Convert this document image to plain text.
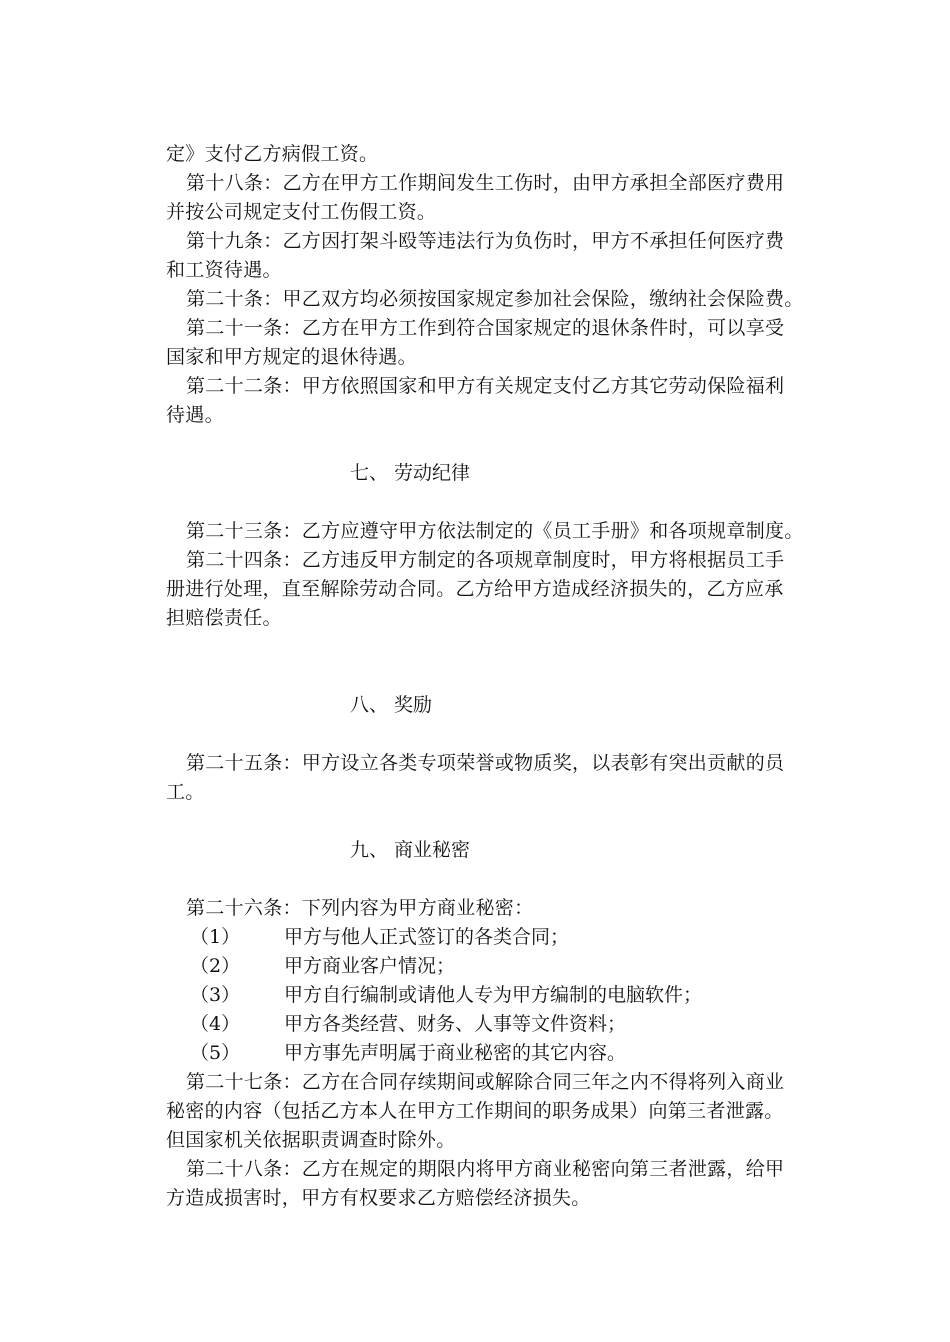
定》支付乙方病假工资。
第十八条：乙方在甲方工作期间发生工伤时，由甲方承担全部医疗费用
并按公司规定支付工伤假工资。
第十九条：乙方因打架斗殴等违法行为负伤时，甲方不承担任何医疗费
和工资待遇。
第二十条：甲乙双方均必须按国家规定参加社会保险，缴纳社会保险费。
第二十一条：乙方在甲方工作到符合国家规定的退休条件时，可以享受
国家和甲方规定的退休待遇。
第二十二条：甲方依照国家和甲方有关规定支付乙方其它劳动保险福利
待遇。
七、 劳动纪律
第二十三条：乙方应遵守甲方依法制定的《员工手册》和各项规章制度。
第二十四条：乙方违反甲方制定的各项规章制度时，甲方将根据员工手
册进行处理，直至解除劳动合同。乙方给甲方造成经济损失的，乙方应承
担赔偿责任。
八、 奖励
第二十五条：甲方设立各类专项荣誉或物质奖，以表彰有突出贡献的员
工。
九、 商业秘密
第二十六条：下列内容为甲方商业秘密：
（1）	甲方与他人正式签订的各类合同；
（2）	甲方商业客户情况；
（3）	甲方自行编制或请他人专为甲方编制的电脑软件；
（4）	甲方各类经营、财务、人事等文件资料；
（5）	甲方事先声明属于商业秘密的其它内容。
第二十七条：乙方在合同存续期间或解除合同三年之内不得将列入商业
秘密的内容（包括乙方本人在甲方工作期间的职务成果）向第三者泄露。
但国家机关依据职责调查时除外。
第二十八条：乙方在规定的期限内将甲方商业秘密向第三者泄露，给甲
方造成损害时，甲方有权要求乙方赔偿经济损失。
